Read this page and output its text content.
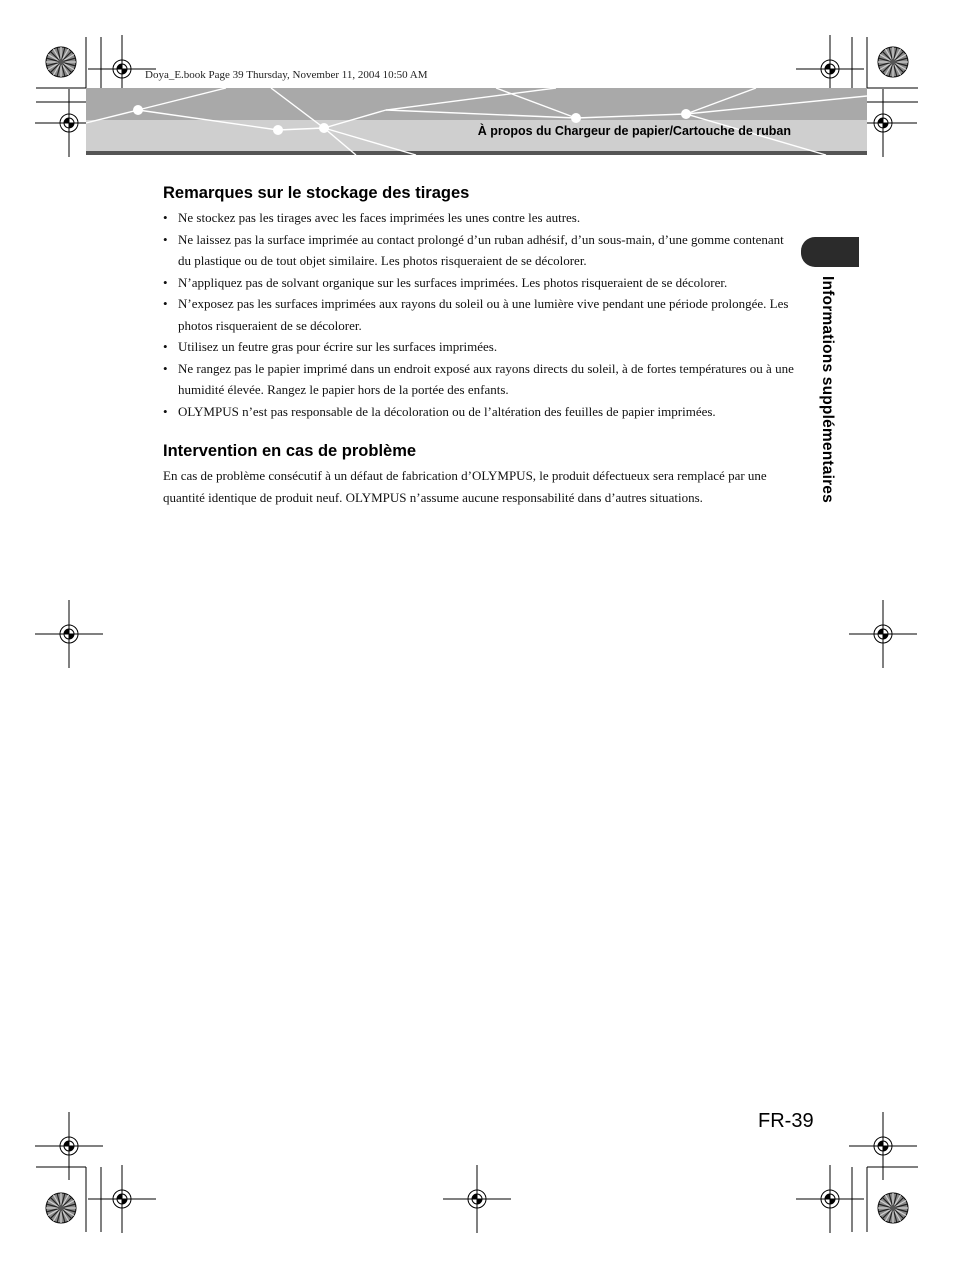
Doya_E.book Page 39 Thursday, November 11, 2004 10:50 AM
À propos du Chargeur de papier/Cartouche de ruban
Remarques sur le stockage des tirages
• Ne stockez pas les tirages avec les faces imprimées les unes contre les autres.
• Ne laissez pas la surface imprimée au contact prolongé d’un ruban adhésif, d’un sous-main, d’une gomme contenant du plastique ou de tout objet similaire. Les photos risqueraient de se décolorer.
• N’appliquez pas de solvant organique sur les surfaces imprimées. Les photos risqueraient de se décolorer.
• N’exposez pas les surfaces imprimées aux rayons du soleil ou à une lumière vive pendant une période prolongée. Les photos risqueraient de se décolorer.
• Utilisez un feutre gras pour écrire sur les surfaces imprimées.
• Ne rangez pas le papier imprimé dans un endroit exposé aux rayons directs du soleil, à de fortes températures ou à une humidité élevée. Rangez le papier hors de la portée des enfants.
• OLYMPUS n’est pas responsable de la décoloration ou de l’altération des feuilles de papier imprimées.
Intervention en cas de problème

En cas de problème consécutif à un défaut de fabrication d’OLYMPUS, le produit défectueux sera remplacé par une quantité identique de produit neuf. OLYMPUS n’assume aucune responsabilité dans d’autres situations.	Informations supplémentaires
FR-39
